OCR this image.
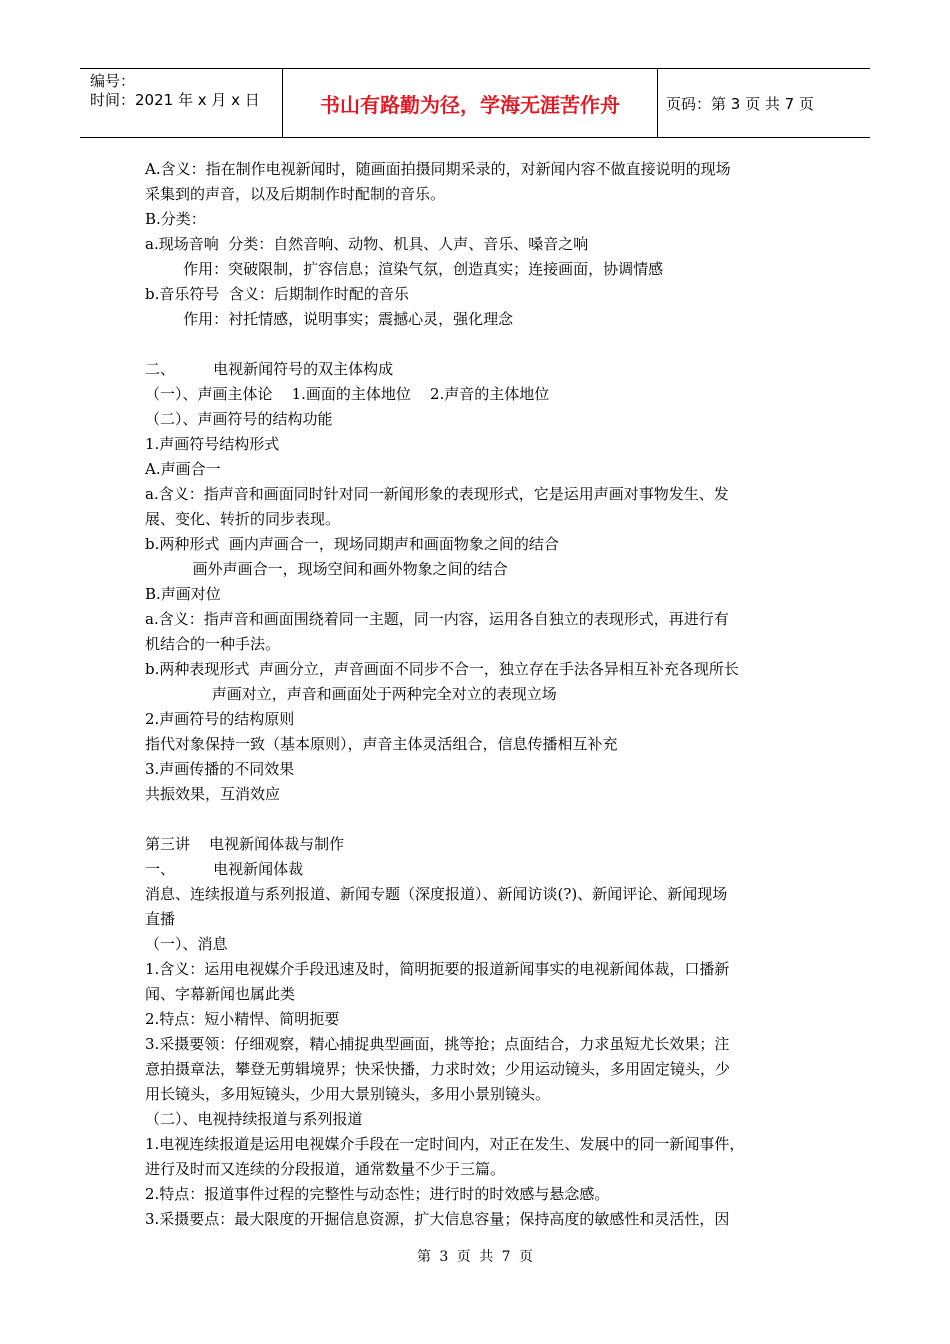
编号：
时间：2021 年 x 月 x 日	书山有路勤为径，学海无涯苦作舟	页码：第 3 页 共 7 页

A.含义：指在制作电视新闻时，随画面拍摄同期采录的，对新闻内容不做直接说明的现场

采集到的声音，以及后期制作时配制的音乐。

B.分类：

a.现场音响  分类：自然音响、动物、机具、人声、音乐、嗓音之响

作用：突破限制，扩容信息；渲染气氛，创造真实；连接画面，协调情感

b.音乐符号  含义：后期制作时配的音乐

作用：衬托情感，说明事实；震撼心灵，强化理念

二、        电视新闻符号的双主体构成

（一）、声画主体论    1.画面的主体地位    2.声音的主体地位

（二）、声画符号的结构功能

1.声画符号结构形式

A.声画合一

a.含义：指声音和画面同时针对同一新闻形象的表现形式，它是运用声画对事物发生、发

展、变化、转折的同步表现。

b.两种形式  画内声画合一，现场同期声和画面物象之间的结合

画外声画合一，现场空间和画外物象之间的结合

B.声画对位

a.含义：指声音和画面围绕着同一主题，同一内容，运用各自独立的表现形式，再进行有

机结合的一种手法。

b.两种表现形式  声画分立，声音画面不同步不合一，独立存在手法各异相互补充各现所长

声画对立，声音和画面处于两种完全对立的表现立场

2.声画符号的结构原则

指代对象保持一致（基本原则），声音主体灵活组合，信息传播相互补充

3.声画传播的不同效果

共振效果，互消效应

第三讲    电视新闻体裁与制作

一、        电视新闻体裁

消息、连续报道与系列报道、新闻专题（深度报道）、新闻访谈(?)、新闻评论、新闻现场

直播

（一）、消息

1.含义：运用电视媒介手段迅速及时，简明扼要的报道新闻事实的电视新闻体裁，口播新

闻、字幕新闻也属此类

2.特点：短小精悍、简明扼要

3.采摄要领：仔细观察，精心捕捉典型画面，挑等抢；点面结合，力求虽短尤长效果；注

意拍摄章法，攀登无剪辑境界；快采快播，力求时效；少用运动镜头，多用固定镜头，少

用长镜头，多用短镜头，少用大景别镜头，多用小景别镜头。

（二）、电视持续报道与系列报道

1.电视连续报道是运用电视媒介手段在一定时间内，对正在发生、发展中的同一新闻事件，

进行及时而又连续的分段报道，通常数量不少于三篇。

2.特点：报道事件过程的完整性与动态性；进行时的时效感与悬念感。

3.采摄要点：最大限度的开掘信息资源，扩大信息容量；保持高度的敏感性和灵活性，因

第 3 页 共 7 页
